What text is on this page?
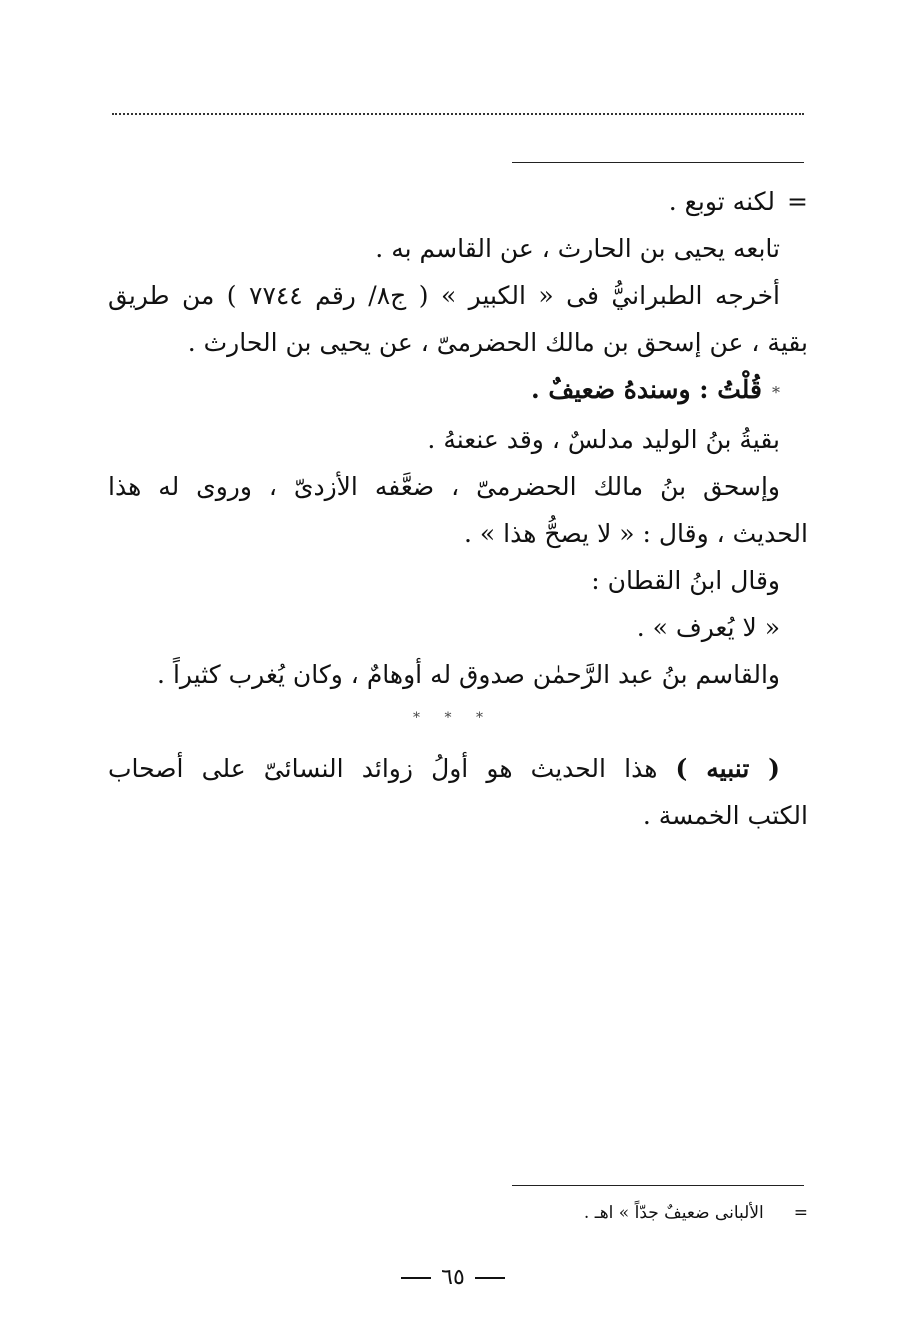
=لكنه توبع .
تابعه يحيى بن الحارث ، عن القاسم به .
أخرجه الطبرانيُّ فى « الكبير » ( ج٨/ رقم ٧٧٤٤ ) من طريق
بقية ، عن إسحق بن مالك الحضرمىّ ، عن يحيى بن الحارث .
*قُلْتُ : وسندهُ ضعيفٌ .
بقيةُ بنُ الوليد مدلسٌ ، وقد عنعنهُ .
وإسحق بنُ مالك الحضرمىّ ، ضعَّفه الأزدىّ ، وروى له هذا
الحديث ، وقال : « لا يصحُّ هذا » .
وقال ابنُ القطان :
« لا يُعرف » .
والقاسم بنُ عبد الرَّحمٰن صدوق له أوهامٌ ، وكان يُغرب كثيراً .
* * *
( تنبيه ) هذا الحديث هو أولُ زوائد النسائىّ على أصحاب
الكتب الخمسة .
=الألبانى ضعيفٌ جدّاً » اهـ .
٦٥
